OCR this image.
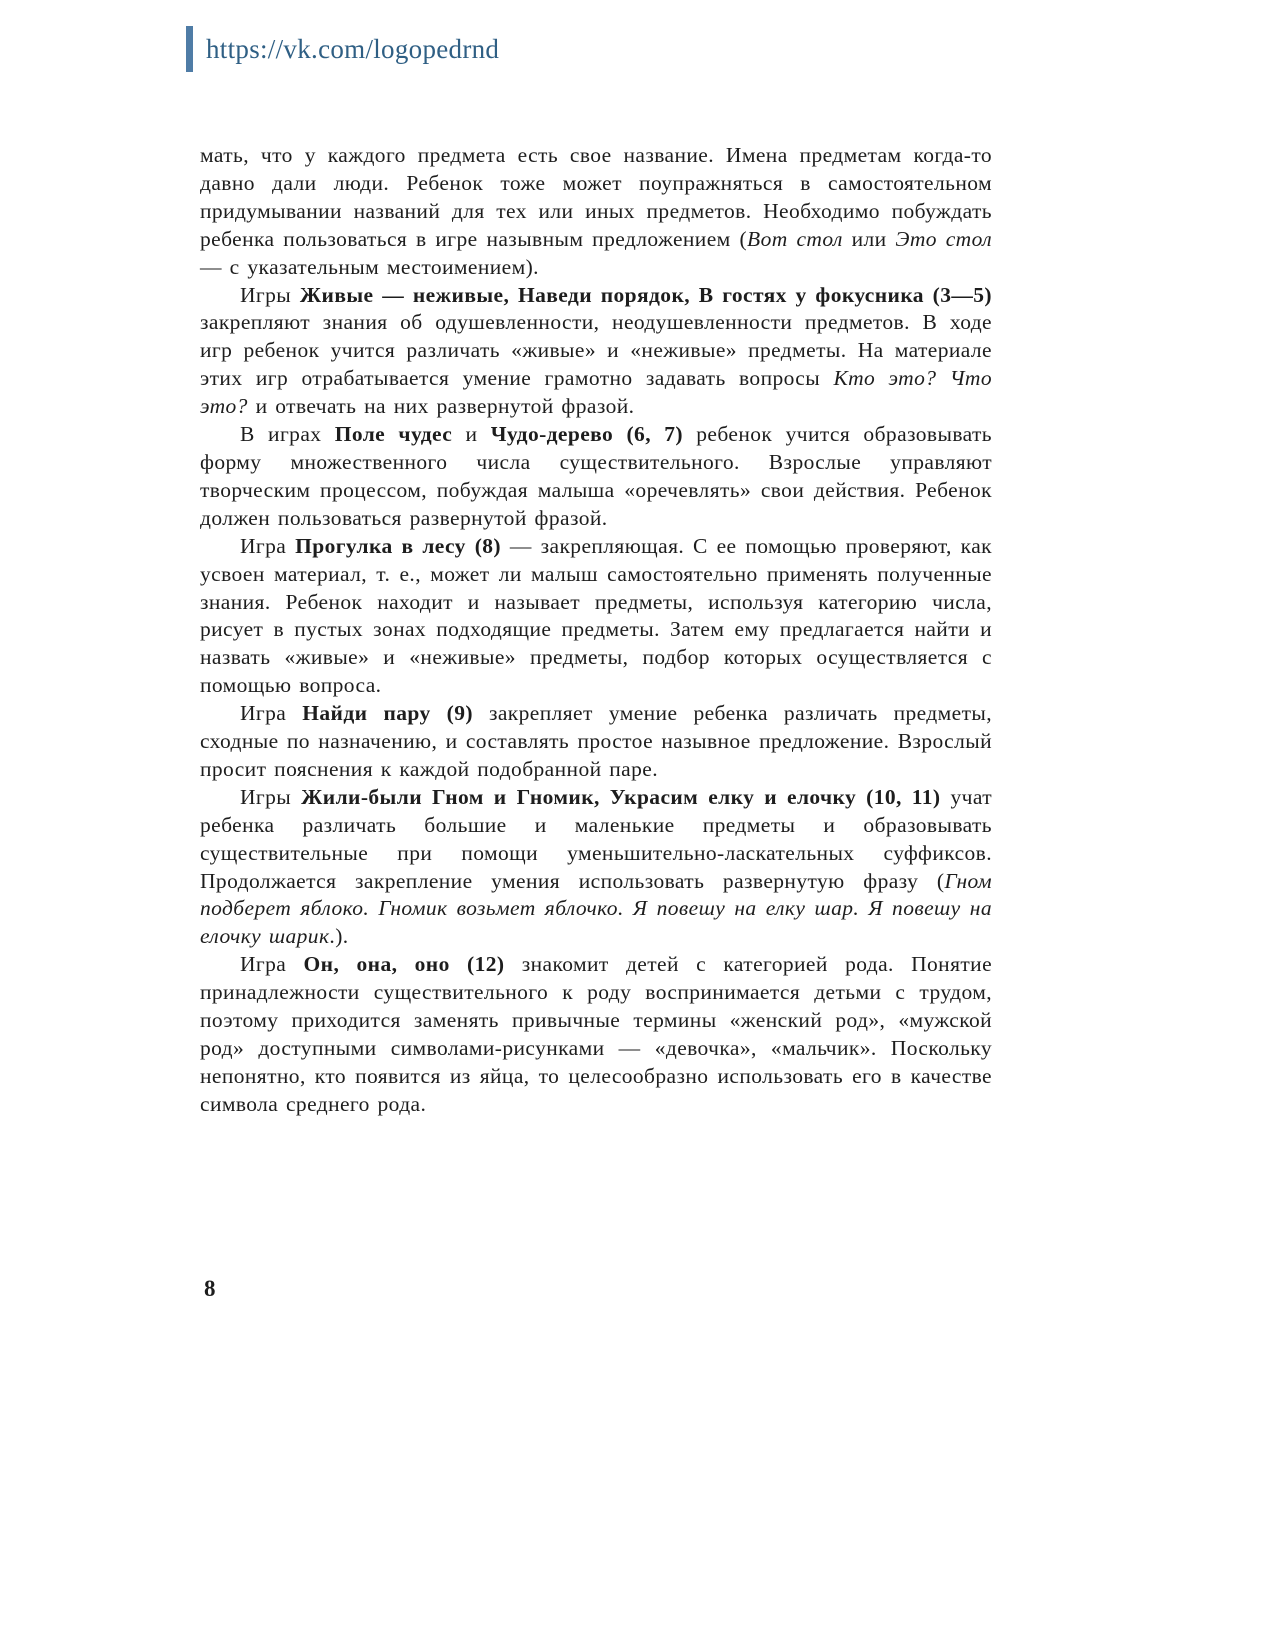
https://vk.com/logopedrnd

мать, что у каждого предмета есть свое название. Имена предметам когда-то давно дали люди. Ребенок тоже может поупражняться в самостоятельном придумывании названий для тех или иных предметов. Необходимо побуждать ребенка пользоваться в игре назывным предложением (Вот стол или Это стол — с указательным местоимением).

Игры Живые — неживые, Наведи порядок, В гостях у фокусника (3—5) закрепляют знания об одушевленности, неодушевленности предметов. В ходе игр ребенок учится различать «живые» и «неживые» предметы. На материале этих игр отрабатывается умение грамотно задавать вопросы Кто это? Что это? и отвечать на них развернутой фразой.

В играх Поле чудес и Чудо-дерево (6, 7) ребенок учится образовывать форму множественного числа существительного. Взрослые управляют творческим процессом, побуждая малыша «оречевлять» свои действия. Ребенок должен пользоваться развернутой фразой.

Игра Прогулка в лесу (8) — закрепляющая. С ее помощью проверяют, как усвоен материал, т. е., может ли малыш самостоятельно применять полученные знания. Ребенок находит и называет предметы, используя категорию числа, рисует в пустых зонах подходящие предметы. Затем ему предлагается найти и назвать «живые» и «неживые» предметы, подбор которых осуществляется с помощью вопроса.

Игра Найди пару (9) закрепляет умение ребенка различать предметы, сходные по назначению, и составлять простое назывное предложение. Взрослый просит пояснения к каждой подобранной паре.

Игры Жили-были Гном и Гномик, Украсим елку и елочку (10, 11) учат ребенка различать большие и маленькие предметы и образовывать существительные при помощи уменьшительно-ласкательных суффиксов. Продолжается закрепление умения использовать развернутую фразу (Гном подберет яблоко. Гномик возьмет яблочко. Я повешу на елку шар. Я повешу на елочку шарик.).

Игра Он, она, оно (12) знакомит детей с категорией рода. Понятие принадлежности существительного к роду воспринимается детьми с трудом, поэтому приходится заменять привычные термины «женский род», «мужской род» доступными символами-рисунками — «девочка», «мальчик». Поскольку непонятно, кто появится из яйца, то целесообразно использовать его в качестве символа среднего рода.

8
